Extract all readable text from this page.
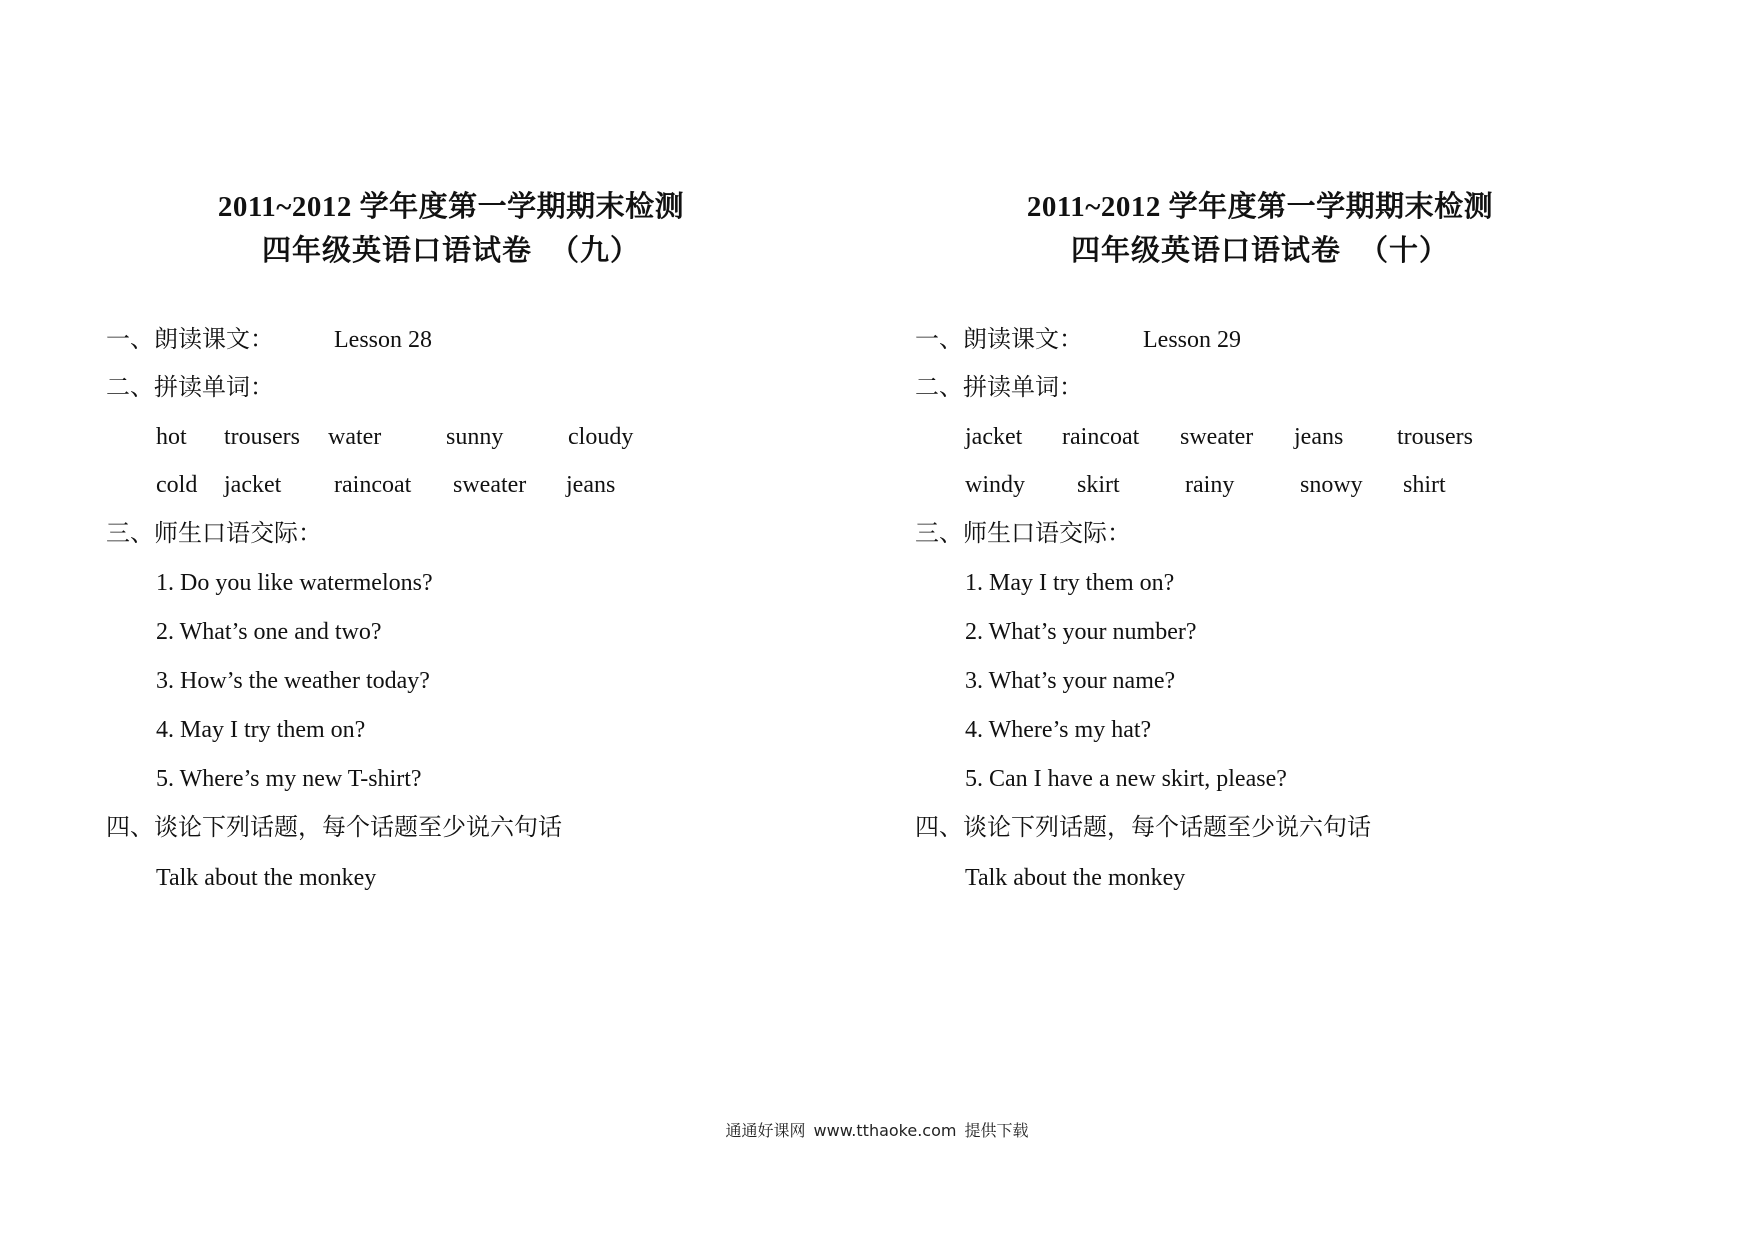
2011~2012 学年度第一学期期末检测
四年级英语口语试卷 （九）
一、朗读课文：	Lesson 28
二、拼读单词：
hot trousers water	sunny	cloudy
cold jacket raincoat sweater jeans
三、师生口语交际：
1. Do you like watermelons?
2. What’s one and two?
3. How’s the weather today?
4. May I try them on?
5. Where’s my new T-shirt?
四、谈论下列话题，每个话题至少说六句话
Talk about the monkey
2011~2012 学年度第一学期期末检测
四年级英语口语试卷 （十）
一、朗读课文：	Lesson 29
二、拼读单词：
jacket raincoat sweater jeans trousers
windy skirt	rainy	snowy shirt
三、师生口语交际：
1. May I try them on?
2. What’s your number?
3. What’s your name?
4. Where’s my hat?
5. Can I have a new skirt, please?
四、谈论下列话题，每个话题至少说六句话
Talk about the monkey
通通好课网 www.tthaoke.com 提供下载
